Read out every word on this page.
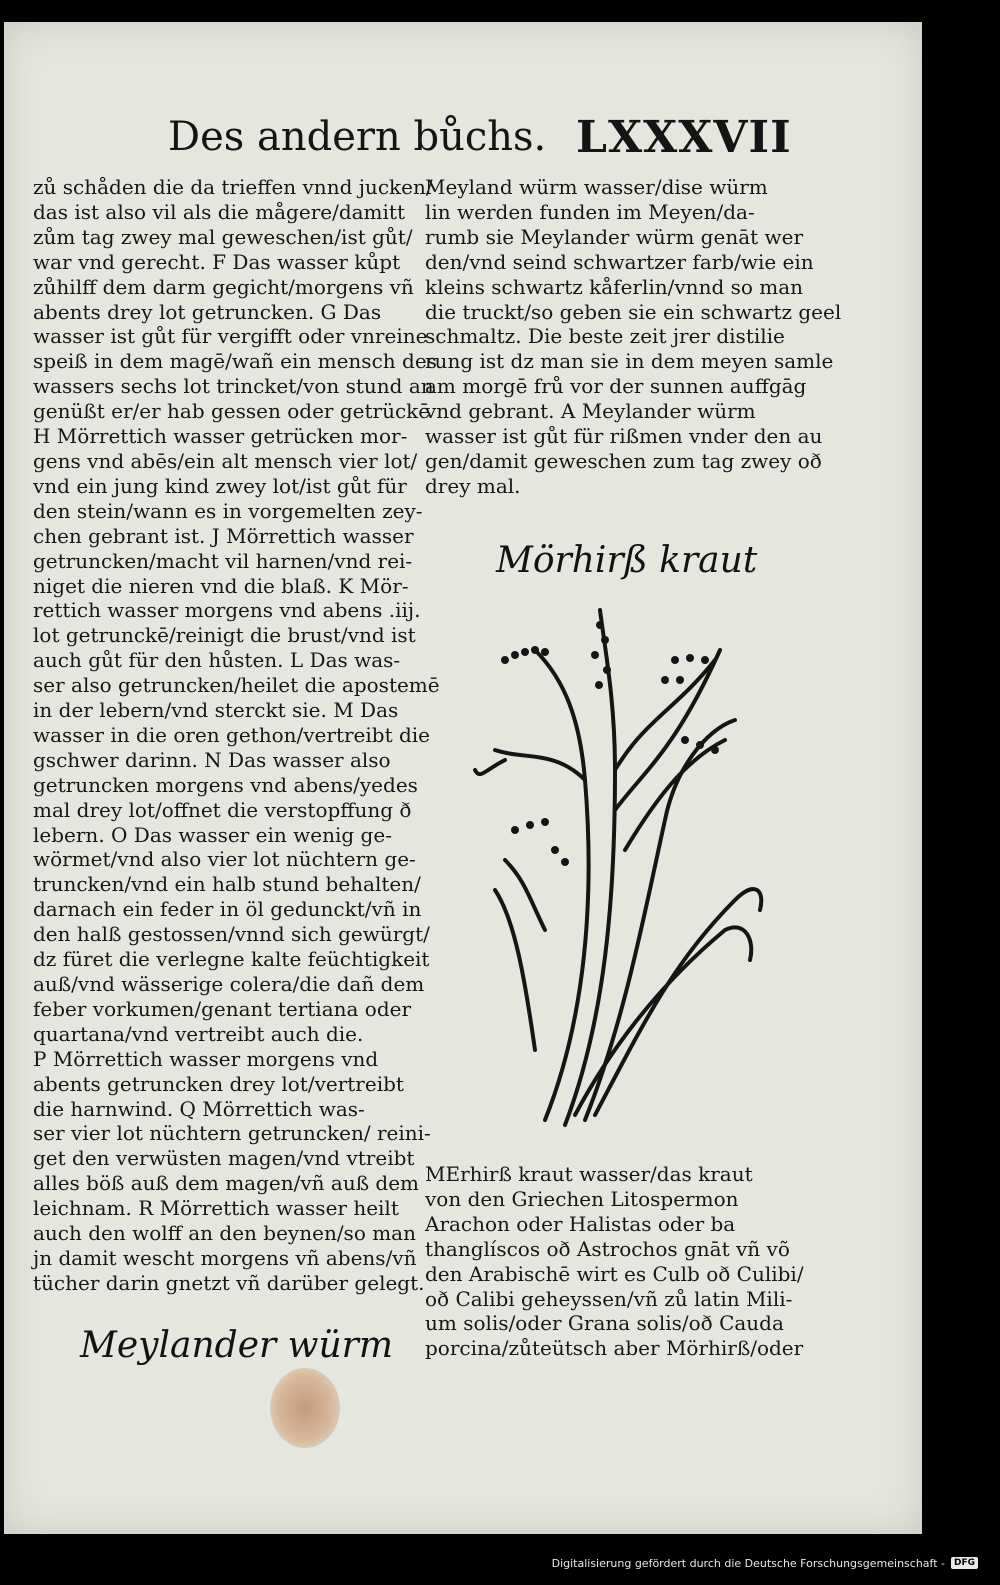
Des andern bůchs. LXXXVII
zů schåden die da trieffen vnnd jucken/
das ist also vil als die mågere/damitt
zům tag zwey mal geweschen/ist gůt/
war vnd gerecht. F Das wasser kůpt
zůhilff dem darm gegicht/morgens vñ
abents drey lot getruncken. G Das
wasser ist gůt für vergifft oder vnreine
speiß in dem magē/wañ ein mensch des
wassers sechs lot trincket/von stund an
genüßt er/er hab gessen oder getrückē
H Mörrettich wasser getrücken mor-
gens vnd abēs/ein alt mensch vier lot/
vnd ein jung kind zwey lot/ist gůt für
den stein/wann es in vorgemelten zey-
chen gebrant ist. J Mörrettich wasser
getruncken/macht vil harnen/vnd rei-
niget die nieren vnd die blaß. K Mör-
rettich wasser morgens vnd abens .iij.
lot getrunckē/reinigt die brust/vnd ist
auch gůt für den hůsten. L Das was-
ser also getruncken/heilet die apostemē
in der lebern/vnd sterckt sie. M Das
wasser in die oren gethon/vertreibt die
gschwer darinn. N Das wasser also
getruncken morgens vnd abens/yedes
mal drey lot/offnet die verstopffung ð
lebern. O Das wasser ein wenig ge-
wörmet/vnd also vier lot nüchtern ge-
truncken/vnd ein halb stund behalten/
darnach ein feder in öl gedunckt/vñ in
den halß gestossen/vnnd sich gewürgt/
dz füret die verlegne kalte feüchtigkeit
auß/vnd wässerige colera/die dañ dem
feber vorkumen/genant tertiana oder
quartana/vnd vertreibt auch die.
P Mörrettich wasser morgens vnd
abents getruncken drey lot/vertreibt
die harnwind. Q Mörrettich was-
ser vier lot nüchtern getruncken/ reini-
get den verwüsten magen/vnd vtreibt
alles böß auß dem magen/vñ auß dem
leichnam. R Mörrettich wasser heilt
auch den wolff an den beynen/so man
jn damit wescht morgens vñ abens/vñ
tücher darin gnetzt vñ darüber gelegt.
Meylander würm
Meyland würm wasser/dise würm
lin werden funden im Meyen/da-
rumb sie Meylander würm genāt wer
den/vnd seind schwartzer farb/wie ein
kleins schwartz kåferlin/vnnd so man
die truckt/so geben sie ein schwartz geel
schmaltz. Die beste zeit jrer distilie
rung ist dz man sie in dem meyen samle
am morgē frů vor der sunnen auffgāg
vnd gebrant. A Meylander würm
wasser ist gůt für rißmen vnder den au
gen/damit geweschen zum tag zwey oð
drey mal.
Mörhirß kraut
MErhirß kraut wasser/das kraut
von den Griechen Litospermon
Arachon oder Halistas oder ba
thanglíscos oð Astrochos gnāt vñ võ
den Arabischē wirt es Culb oð Culibi/
oð Calibi geheyssen/vñ zů latin Mili-
um solis/oder Grana solis/oð Cauda
porcina/zůteütsch aber Mörhirß/oder
Digitalisierung gefördert durch die Deutsche Forschungsgemeinschaft -	DFG
